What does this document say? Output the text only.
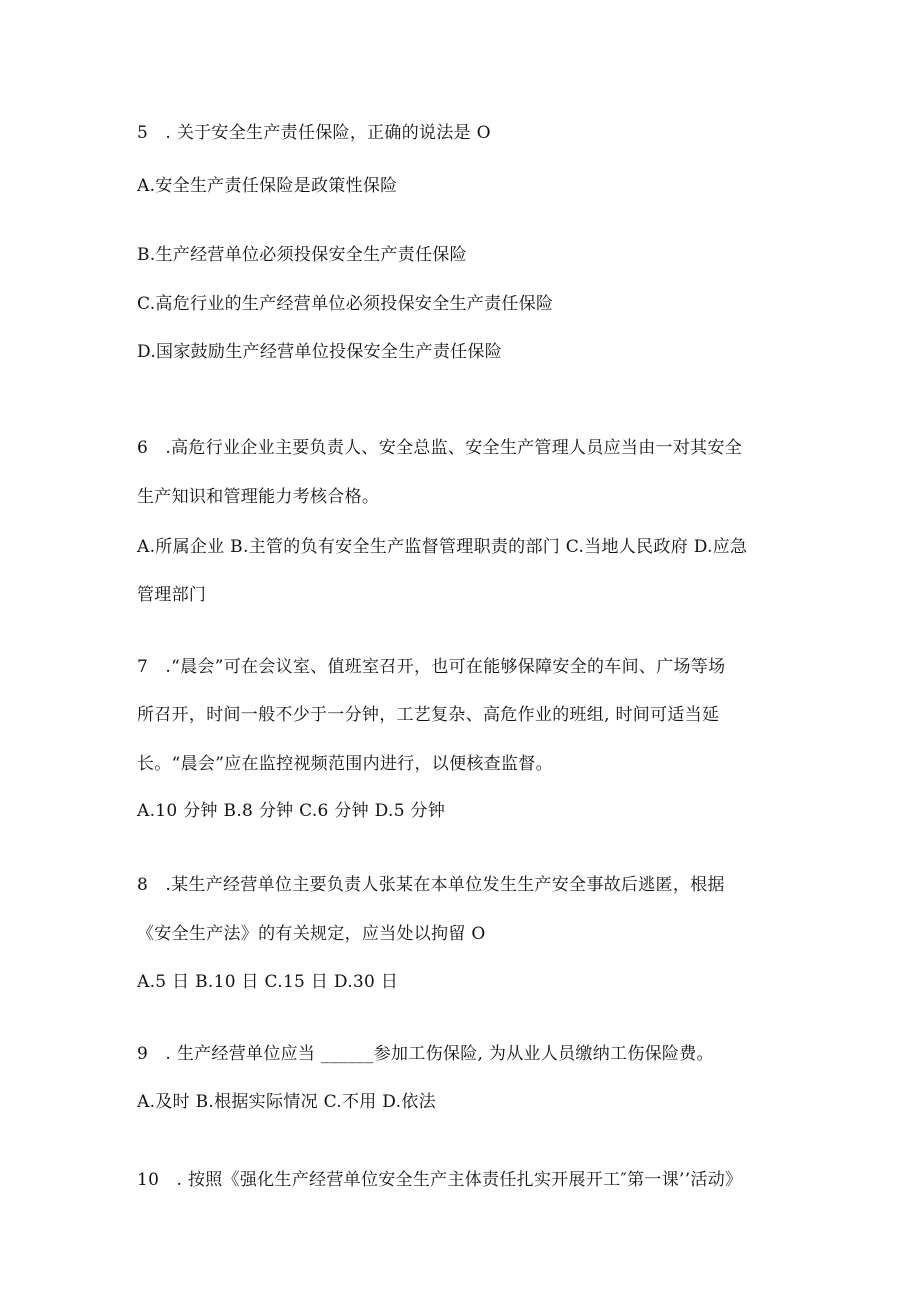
5　. 关于安全生产责任保险，正确的说法是 O
A.安全生产责任保险是政策性保险
B.生产经营单位必须投保安全生产责任保险
C.高危行业的生产经营单位必须投保安全生产责任保险
D.国家鼓励生产经营单位投保安全生产责任保险
6　.高危行业企业主要负责人、安全总监、安全生产管理人员应当由一对其安全
生产知识和管理能力考核合格。
A.所属企业 B.主管的负有安全生产监督管理职责的部门 C.当地人民政府 D.应急
管理部门
7　.“晨会”可在会议室、值班室召开，也可在能够保障安全的车间、广场等场
所召开，时间一般不少于一分钟，工艺复杂、高危作业的班组, 时间可适当延
长。“晨会”应在监控视频范围内进行，以便核查监督。
A.10 分钟 B.8 分钟 C.6 分钟 D.5 分钟
8　.某生产经营单位主要负责人张某在本单位发生生产安全事故后逃匿，根据
《安全生产法》的有关规定，应当处以拘留 O
A.5 日 B.10 日 C.15 日 D.30 日
9　. 生产经营单位应当 ______参加工伤保险, 为从业人员缴纳工伤保险费。
A.及时 B.根据实际情况 C.不用 D.依法
10　. 按照《强化生产经营单位安全生产主体责任扎实开展开工″第一课’’活动》
